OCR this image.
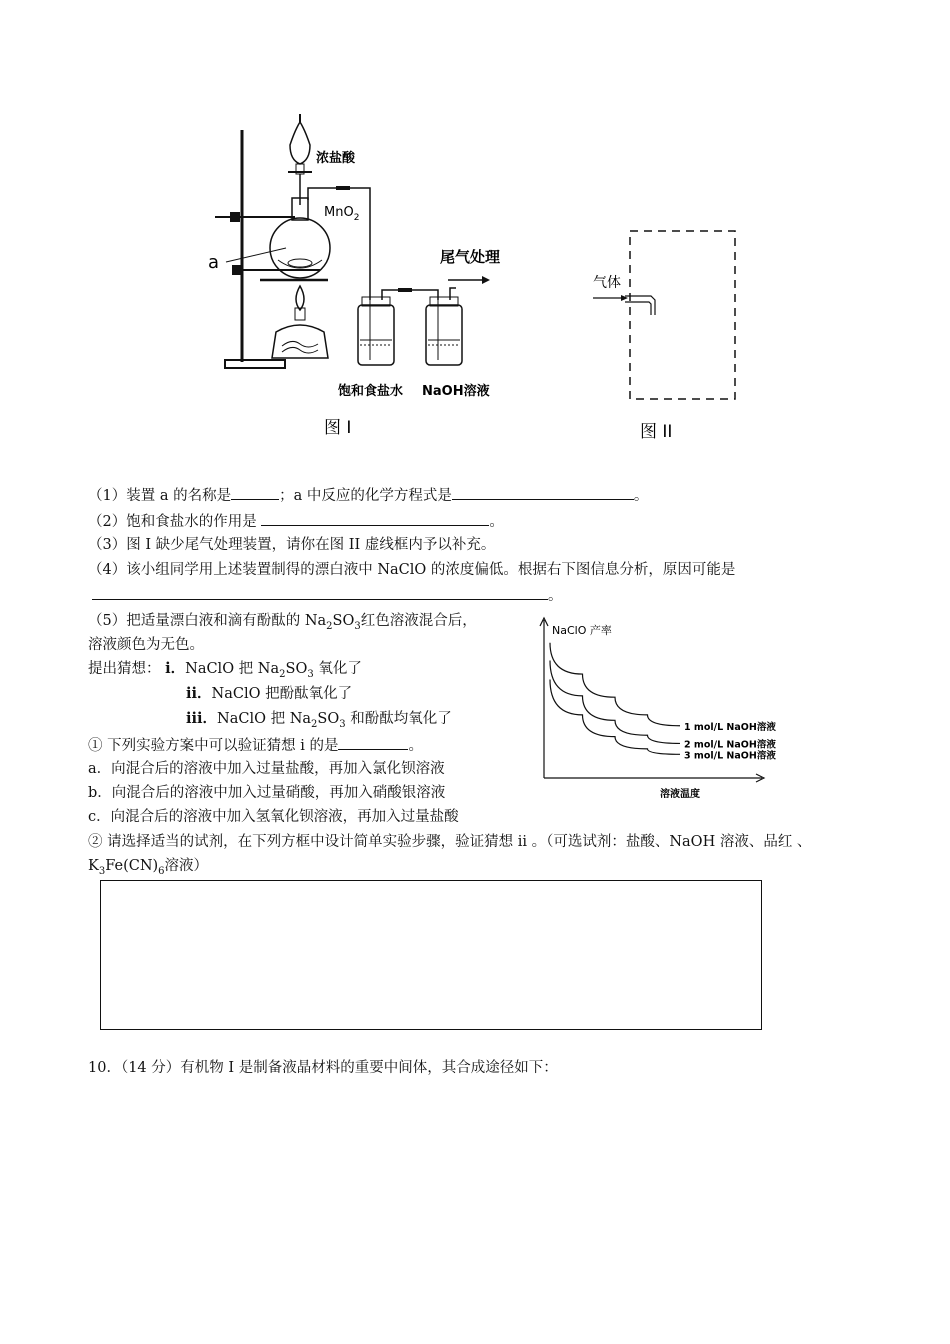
浓盐酸
MnO$_2$
a	尾气处理
饱和食盐水 NaOH溶液
图 I
气体
图 II
（1）装置 a 的名称是	；a 中反应的化学方程式是	。
（2）饱和食盐水的作用是	。
（3）图 I 缺少尾气处理装置，请你在图 II 虚线框内予以补充。
（4）该小组同学用上述装置制得的漂白液中 NaClO 的浓度偏低。根据右下图信息分析，原因可能是
。
（5）把适量漂白液和滴有酚酞的 $Na_2SO_3$红色溶液混合后，
溶液颜色为无色。
提出猜想： i．NaClO 把 $Na_2SO_3$ 氧化了
ii．NaClO 把酚酞氧化了
iii．NaClO 把 $Na_2SO_3$ 和酚酞均氧化了
① 下列实验方案中可以验证猜想 i 的是	。
a．向混合后的溶液中加入过量盐酸，再加入氯化钡溶液
b．向混合后的溶液中加入过量硝酸，再加入硝酸银溶液
c．向混合后的溶液中加入氢氧化钡溶液，再加入过量盐酸
② 请选择适当的试剂，在下列方框中设计简单实验步骤，验证猜想 ii 。（可选试剂：盐酸、NaOH 溶液、品红 、
$K_3Fe(CN)_6$溶液）
10．（14 分）有机物 I 是制备液晶材料的重要中间体，其合成途径如下：
NaClO 产率
溶液温度
1 mol/L NaOH溶液
2 mol/L NaOH溶液
3 mol/L NaOH溶液
